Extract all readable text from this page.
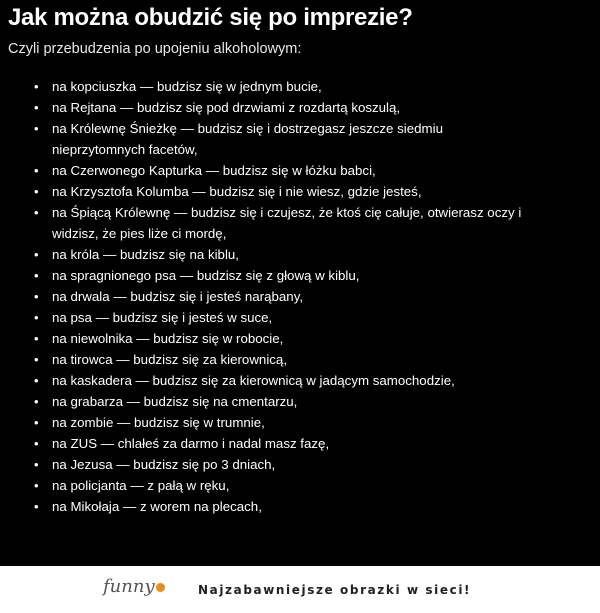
Jak można obudzić się po imprezie?
Czyli przebudzenia po upojeniu alkoholowym:
• na kopciuszka — budzisz się w jednym bucie,
• na Rejtana — budzisz się pod drzwiami z rozdartą koszulą,
• na Królewnę Śnieżkę — budzisz się i dostrzegasz jeszcze siedmiu
nieprzytomnych facetów,
• na Czerwonego Kapturka — budzisz się w łóżku babci,
• na Krzysztofa Kolumba — budzisz się i nie wiesz, gdzie jesteś,
• na Śpiącą Królewnę — budzisz się i czujesz, że ktoś cię całuje, otwierasz oczy i
widzisz, że pies liże ci mordę,
• na króla — budzisz się na kiblu,
• na spragnionego psa — budzisz się z głową w kiblu,
• na drwala — budzisz się i jesteś narąbany,
• na psa — budzisz się i jesteś w suce,
• na niewolnika — budzisz się w robocie,
• na tirowca — budzisz się za kierownicą,
• na kaskadera — budzisz się za kierownicą w jadącym samochodzie,
• na grabarza — budzisz się na cmentarzu,
• na zombie — budzisz się w trumnie,
• na ZUS — chlałeś za darmo i nadal masz fazę,
• na Jezusa — budzisz się po 3 dniach,
• na policjanta — z pałą w ręku,
• na Mikołaja — z worem na plecach,
funny	Najzabawniejsze obrazki w sieci!
